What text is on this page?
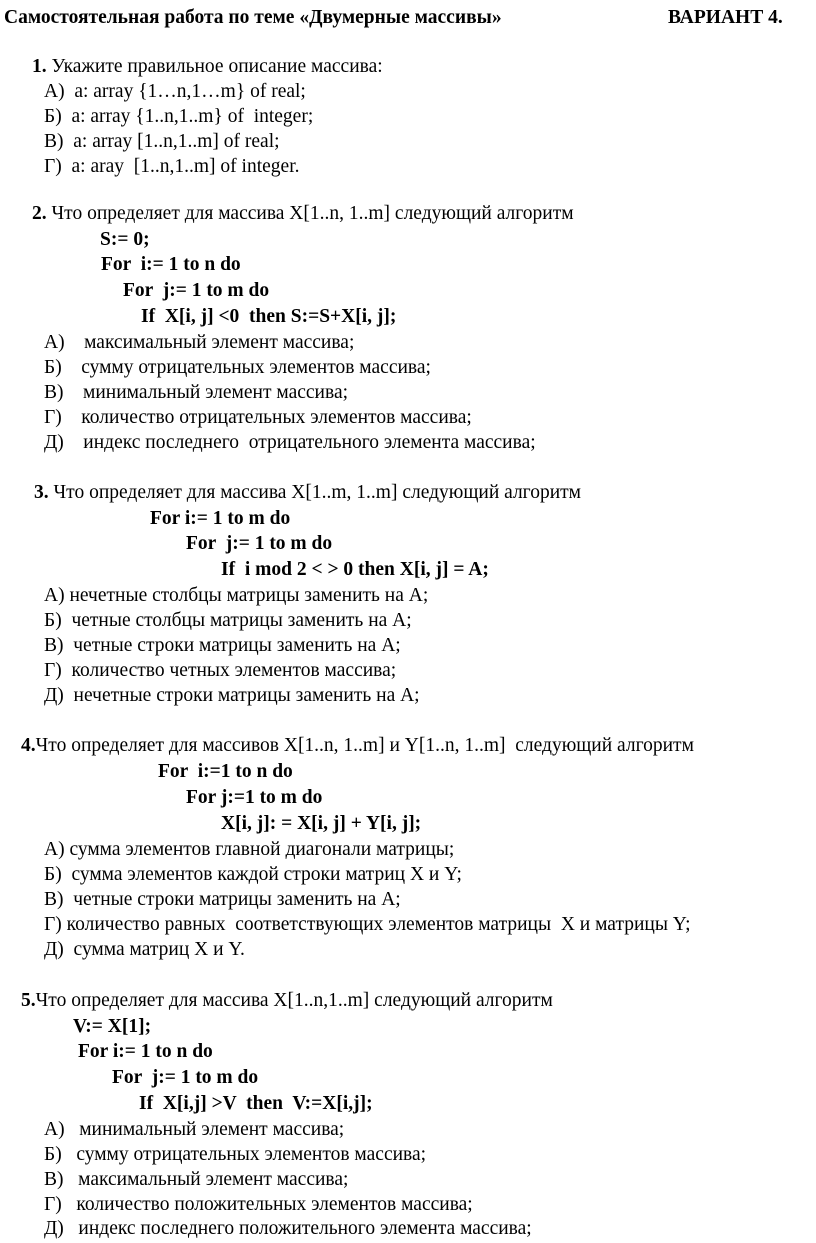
Самостоятельная работа по теме «Двумерные массивы»	ВАРИАНТ 4.
1. Укажите правильное описание массива:
А)  a: array {1…n,1…m} of real;
Б)  a: array {1..n,1..m} of  integer;
В)  a: array [1..n,1..m] of real;
Г)  a: aray  [1..n,1..m] of integer.
2. Что определяет для массива X[1..n, 1..m] следующий алгоритм
S:= 0;
For  i:= 1 to n do
For  j:= 1 to m do
If  X[i, j] <0  then S:=S+X[i, j];
А)    максимальный элемент массива;
Б)    сумму отрицательных элементов массива;
В)    минимальный элемент массива;
Г)    количество отрицательных элементов массива;
Д)    индекс последнего  отрицательного элемента массива;
3. Что определяет для массива X[1..m, 1..m] следующий алгоритм
For i:= 1 to m do
For  j:= 1 to m do
If  i mod 2 < > 0 then X[i, j] = A;
А) нечетные столбцы матрицы заменить на А;
Б)  четные столбцы матрицы заменить на А;
В)  четные строки матрицы заменить на А;
Г)  количество четных элементов массива;
Д)  нечетные строки матрицы заменить на А;
4.Что определяет для массивов X[1..n, 1..m] и Y[1..n, 1..m]  следующий алгоритм
For  i:=1 to n do
For j:=1 to m do
X[i, j]: = X[i, j] + Y[i, j];
А) сумма элементов главной диагонали матрицы;
Б)  сумма элементов каждой строки матриц X и Y;
В)  четные строки матрицы заменить на А;
Г) количество равных  соответствующих элементов матрицы  X и матрицы Y;
Д)  сумма матриц X и Y.
5.Что определяет для массива X[1..n,1..m] следующий алгоритм
V:= X[1];
For i:= 1 to n do
For  j:= 1 to m do
If  X[i,j] >V  then  V:=X[i,j];
А)   минимальный элемент массива;
Б)   сумму отрицательных элементов массива;
В)   максимальный элемент массива;
Г)   количество положительных элементов массива;
Д)   индекс последнего положительного элемента массива;
